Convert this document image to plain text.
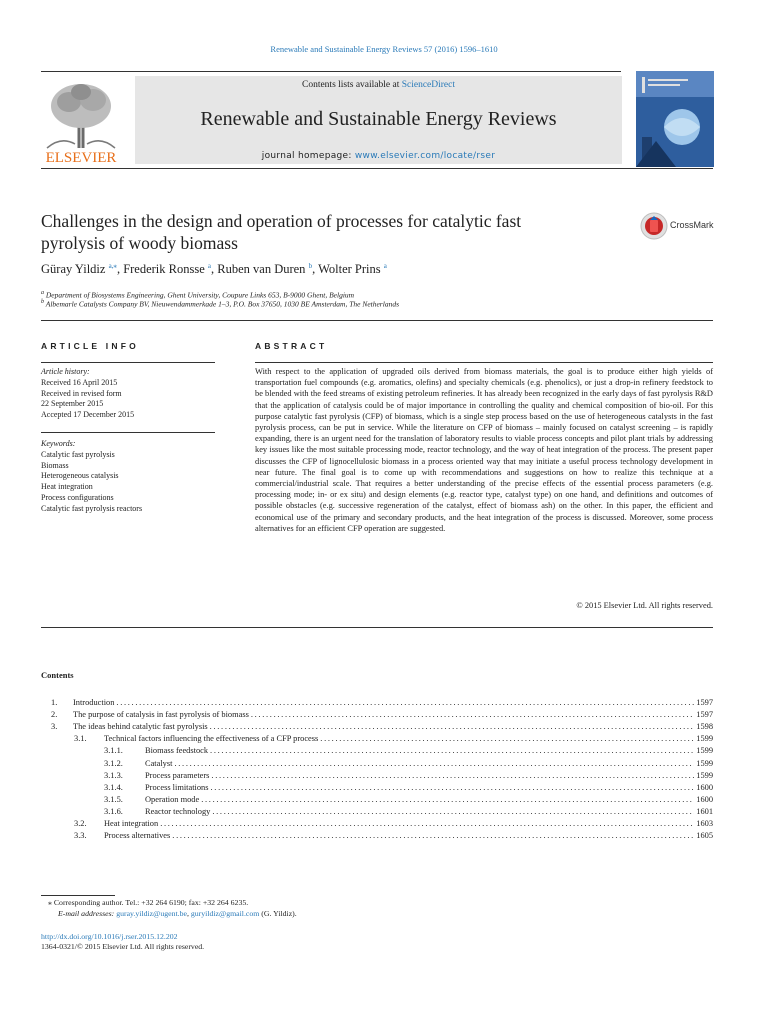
Renewable and Sustainable Energy Reviews 57 (2016) 1596–1610
ELSEVIER
Contents lists available at ScienceDirect
Renewable and Sustainable Energy Reviews
journal homepage: www.elsevier.com/locate/rser
Challenges in the design and operation of processes for catalytic fast
pyrolysis of woody biomass
CrossMark
Güray Yildiz $^{a,⁎}$, Frederik Ronsse $^a$, Ruben van Duren $^b$, Wolter Prins $^a$
$^a$ Department of Biosystems Engineering, Ghent University, Coupure Links 653, B-9000 Ghent, Belgium
$^b$ Albemarle Catalysts Company BV, Nieuwendammerkade 1–3, P.O. Box 37650, 1030 BE Amsterdam, The Netherlands
ARTICLE INFO
Article history:
Received 16 April 2015
Received in revised form
22 September 2015
Accepted 17 December 2015
Keywords:
Catalytic fast pyrolysis
Biomass
Heterogeneous catalysis
Heat integration
Process configurations
Catalytic fast pyrolysis reactors
ABSTRACT
With respect to the application of upgraded oils derived from biomass materials, the goal is to produce either high yields of transportation fuel compounds (e.g. aromatics, olefins) and specialty chemicals (e.g. phenolics), or just a drop-in refinery feedstock to be blended with the feed streams of existing petroleum refineries. It has already been recognized in the early days of fast pyrolysis R&D that the application of catalysis could be of major importance in controlling the quality and chemical composition of bio-oil. For this purpose catalytic fast pyrolysis (CFP) of biomass, which is a single step process based on the use of heterogeneous catalysts in the fast pyrolysis process, can be put in service. While the literature on CFP of biomass – mainly focused on catalyst screening – is rapidly expanding, there is an urgent need for the translation of laboratory results to viable process concepts and pilot plant trials by addressing key issues like the most suitable processing mode, reactor technology, and the way of heat integration of the process. The present paper discusses the CFP of lignocellulosic biomass in a process oriented way that may initiate a useful process technology development in near future. The final goal is to come up with recommendations and suggestions on how to realize this technique at a commercial/industrial scale. That requires a better understanding of the precise effects of the essential process parameters (e.g. processing mode; in- or ex situ) and design elements (e.g. reactor type, catalyst type) on one hand, and definitions and outcomes of possible obstacles (e.g. successive regeneration of the catalyst, effect of biomass ash) on the other. In this paper, the efficient and economical use of the primary and secondary products, and the heat integration of the process is discussed. Moreover, some process alternatives for an efficient CFP operation are suggested.
© 2015 Elsevier Ltd. All rights reserved.
Contents
1. Introduction . . .	1597
2. The purpose of catalysis in fast pyrolysis of biomass . . .	1597
3. The ideas behind catalytic fast pyrolysis . . .	1598
3.1. Technical factors influencing the effectiveness of a CFP process . . .	1599
3.1.1.	Biomass feedstock . . .	1599
3.1.2.	Catalyst . . .	1599
3.1.3.	Process parameters . . .	1599
3.1.4.	Process limitations . . .	1600
3.1.5.	Operation mode . . .	1600
3.1.6.	Reactor technology . . .	1601
3.2. Heat integration . . .	1603
3.3. Process alternatives . . .	1605
⁎ Corresponding author. Tel.: +32 264 6190; fax: +32 264 6235.
E-mail addresses: guray.yildiz@ugent.be, guryildiz@gmail.com (G. Yildiz).
http://dx.doi.org/10.1016/j.rser.2015.12.202
1364-0321/© 2015 Elsevier Ltd. All rights reserved.
